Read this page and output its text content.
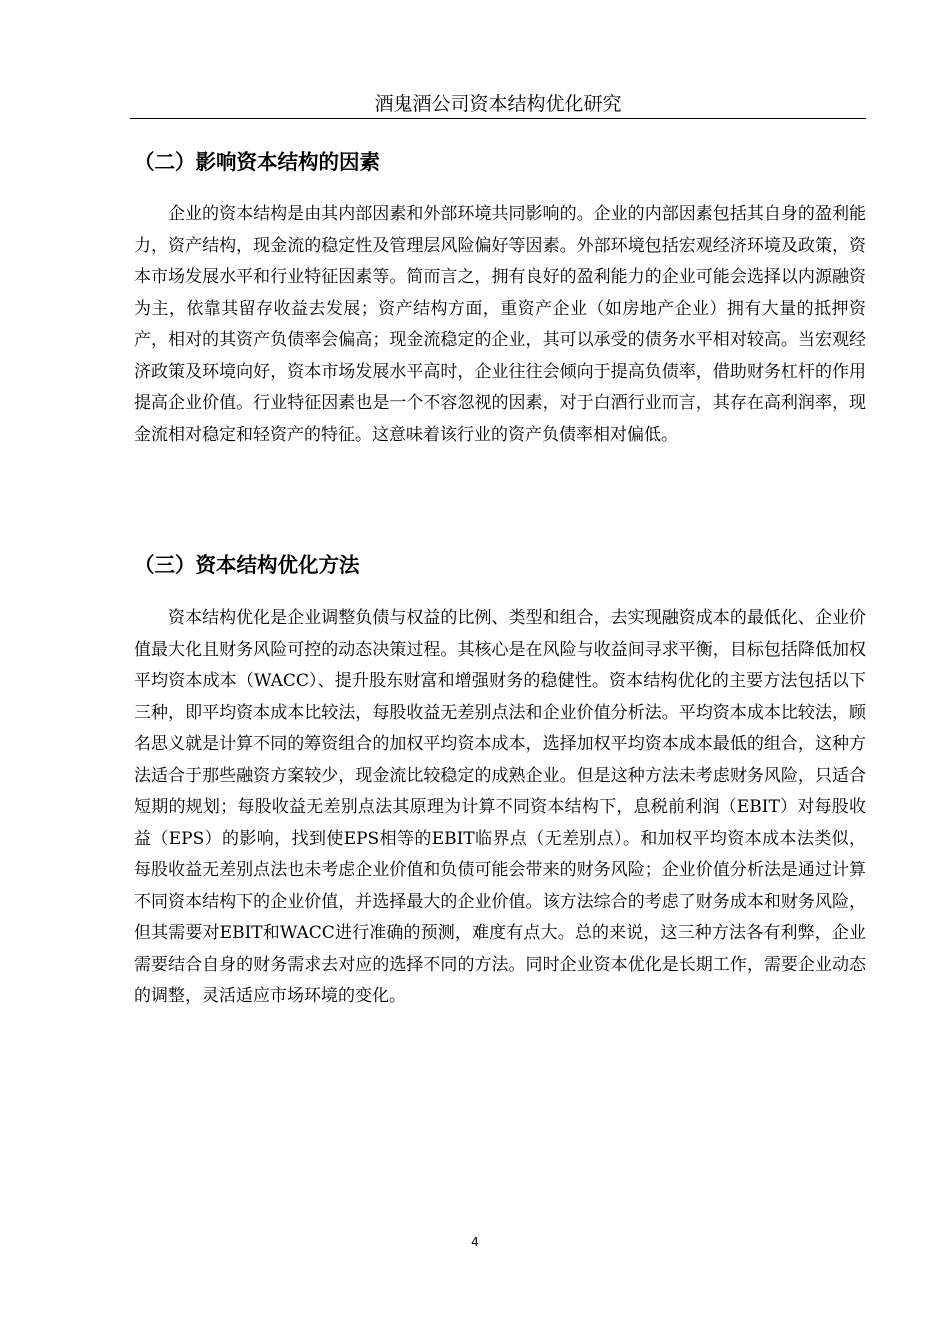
酒鬼酒公司资本结构优化研究
（二）影响资本结构的因素

企业的资本结构是由其内部因素和外部环境共同影响的。企业的内部因素包括其自身的盈利能力，资产结构，现金流的稳定性及管理层风险偏好等因素。外部环境包括宏观经济环境及政策，资本市场发展水平和行业特征因素等。简而言之，拥有良好的盈利能力的企业可能会选择以内源融资为主，依靠其留存收益去发展；资产结构方面，重资产企业（如房地产企业）拥有大量的抵押资产，相对的其资产负债率会偏高；现金流稳定的企业，其可以承受的债务水平相对较高。当宏观经济政策及环境向好，资本市场发展水平高时，企业往往会倾向于提高负债率，借助财务杠杆的作用提高企业价值。行业特征因素也是一个不容忽视的因素，对于白酒行业而言，其存在高利润率，现金流相对稳定和轻资产的特征。这意味着该行业的资产负债率相对偏低。

（三）资本结构优化方法

资本结构优化是企业调整负债与权益的比例、类型和组合，去实现融资成本的最低化、企业价值最大化且财务风险可控的动态决策过程。其核心是在风险与收益间寻求平衡，目标包括降低加权平均资本成本（WACC）、提升股东财富和增强财务的稳健性。资本结构优化的主要方法包括以下三种，即平均资本成本比较法，每股收益无差别点法和企业价值分析法。平均资本成本比较法，顾名思义就是计算不同的筹资组合的加权平均资本成本，选择加权平均资本成本最低的组合，这种方法适合于那些融资方案较少，现金流比较稳定的成熟企业。但是这种方法未考虑财务风险，只适合短期的规划；每股收益无差别点法其原理为计算不同资本结构下，息税前利润（EBIT）对每股收益（EPS）的影响，找到使EPS相等的EBIT临界点（无差别点）。和加权平均资本成本法类似，每股收益无差别点法也未考虑企业价值和负债可能会带来的财务风险；企业价值分析法是通过计算不同资本结构下的企业价值，并选择最大的企业价值。该方法综合的考虑了财务成本和财务风险，但其需要对EBIT和WACC进行准确的预测，难度有点大。总的来说，这三种方法各有利弊，企业需要结合自身的财务需求去对应的选择不同的方法。同时企业资本优化是长期工作，需要企业动态的调整，灵活适应市场环境的变化。

4
